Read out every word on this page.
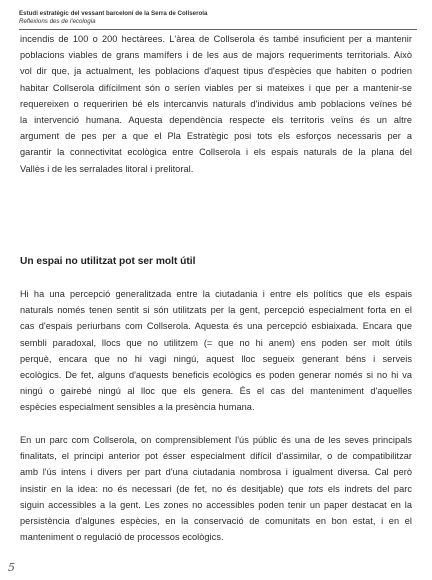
Estudi estratègic del vessant barceloní de la Serra de Collserola
Reflexions des de l'ecologia
incendis de 100 o 200 hectàrees. L'àrea de Collserola és també insuficient per a mantenir
poblacions viables de grans mamífers i de les aus de majors requeriments territorials. Això
vol dir que, ja actualment, les poblacions d'aquest tipus d'espècies que habiten o podrien
habitar Collserola difícilment són o seríen viables per si mateixes i que per a mantenir-se
requereixen o requeririen bé els intercanvis naturals d'individus amb poblacions veïnes bé
la intervenció humana. Aquesta dependència respecte els territoris veïns és un altre
argument de pes per a que el Pla Estratègic posi tots els esforços necessaris per a
garantir la connectivitat ecològica entre Collserola i els espais naturals de la plana del
Vallès i de les serralades litoral i prelitoral.
Un espai no utilitzat pot ser molt útil
Hi ha una percepció generalitzada entre la ciutadania i entre els polítics que els espais
naturals només tenen sentit si són utilitzats per la gent, percepció especialment forta en el
cas d'espais periurbans com Collserola. Aquesta és una percepció esbiaixada. Encara que
sembli paradoxal, llocs que no utilitzem (= que no hi anem) ens poden ser molt útils
perquè, encara que no hi vagi ningú, aquest lloc segueix generant béns i serveis
ecològics. De fet, alguns d'aquests beneficis ecològics es poden generar només si no hi va
ningú o gairebé ningú al lloc que els genera. És el cas del manteniment d'aquelles
espècies especialment sensibles a la presència humana.
En un parc com Collserola, on comprensiblement l'ús públic és una de les seves principals
finalitats, el principi anterior pot ésser especialment difícil d'assimilar, o de compatibilitzar
amb l'ús intens i divers per part d'una ciutadania nombrosa i igualment diversa. Cal però
insistir en la idea: no és necessari (de fet, no és desitjable) que tots els indrets del parc
siguin accessibles a la gent. Les zones no accessibles poden tenir un paper destacat en la
persistència d'algunes espècies, en la conservació de comunitats en bon estat, i en el
manteniment o regulació de processos ecològics.
5
